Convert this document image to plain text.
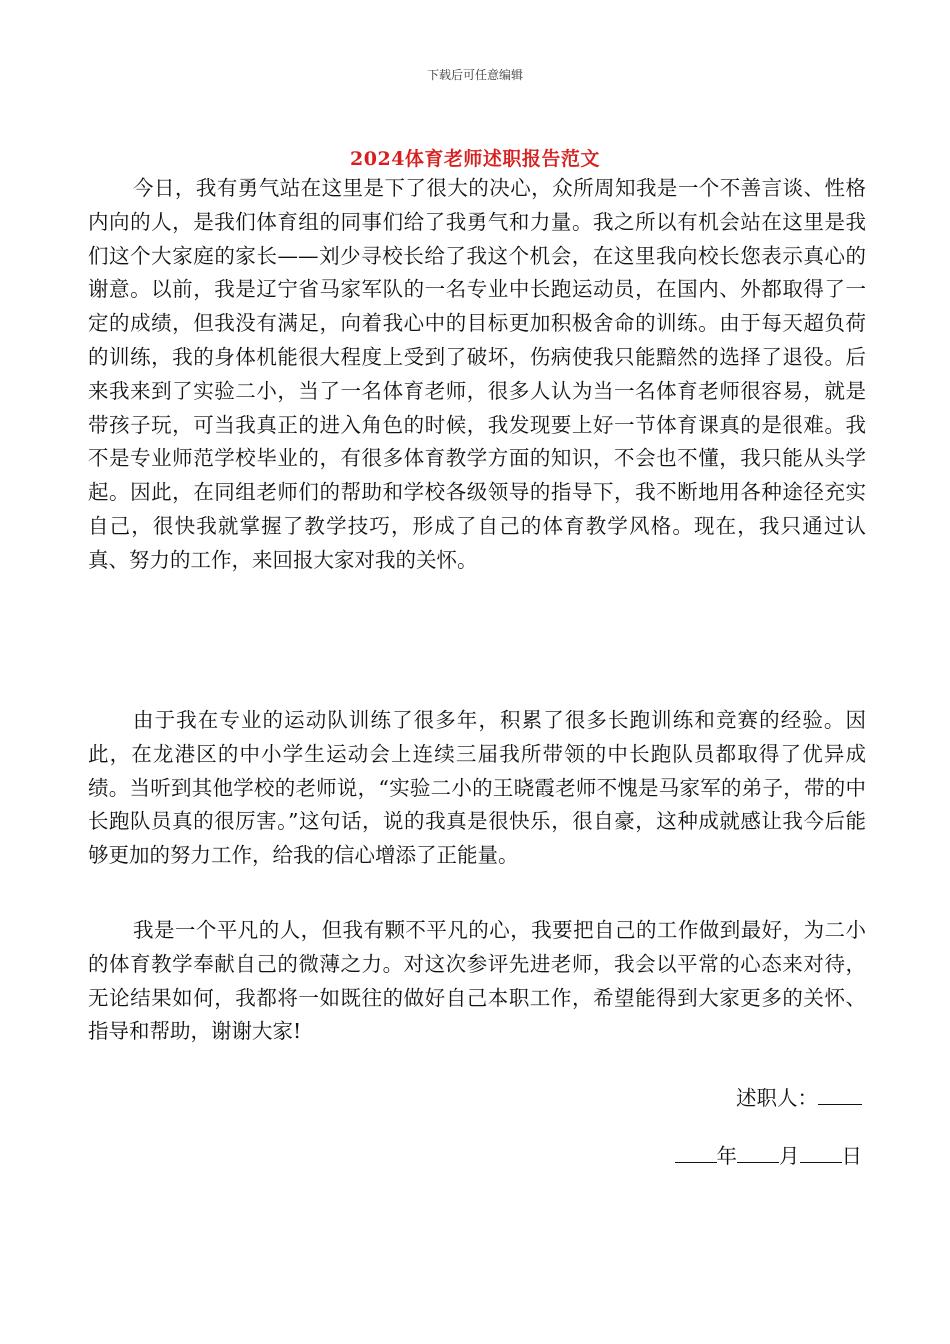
下载后可任意编辑
2024体育老师述职报告范文

今日，我有勇气站在这里是下了很大的决心，众所周知我是一个不善言谈、性格内向的人，是我们体育组的同事们给了我勇气和力量。我之所以有机会站在这里是我们这个大家庭的家长——刘少寻校长给了我这个机会，在这里我向校长您表示真心的谢意。以前，我是辽宁省马家军队的一名专业中长跑运动员，在国内、外都取得了一定的成绩，但我没有满足，向着我心中的目标更加积极舍命的训练。由于每天超负荷的训练，我的身体机能很大程度上受到了破坏，伤病使我只能黯然的选择了退役。后来我来到了实验二小，当了一名体育老师，很多人认为当一名体育老师很容易，就是带孩子玩，可当我真正的进入角色的时候，我发现要上好一节体育课真的是很难。我不是专业师范学校毕业的，有很多体育教学方面的知识，不会也不懂，我只能从头学起。因此，在同组老师们的帮助和学校各级领导的指导下，我不断地用各种途径充实自己，很快我就掌握了教学技巧，形成了自己的体育教学风格。现在，我只通过认真、努力的工作，来回报大家对我的关怀。

由于我在专业的运动队训练了很多年，积累了很多长跑训练和竞赛的经验。因此，在龙港区的中小学生运动会上连续三届我所带领的中长跑队员都取得了优异成绩。当听到其他学校的老师说，“实验二小的王晓霞老师不愧是马家军的弟子，带的中长跑队员真的很厉害。”这句话，说的我真是很快乐，很自豪，这种成就感让我今后能够更加的努力工作，给我的信心增添了正能量。

我是一个平凡的人，但我有颗不平凡的心，我要把自己的工作做到最好，为二小的体育教学奉献自己的微薄之力。对这次参评先进老师，我会以平常的心态来对待，无论结果如何，我都将一如既往的做好自己本职工作，希望能得到大家更多的关怀、指导和帮助，谢谢大家!

述职人：
年 月 日
